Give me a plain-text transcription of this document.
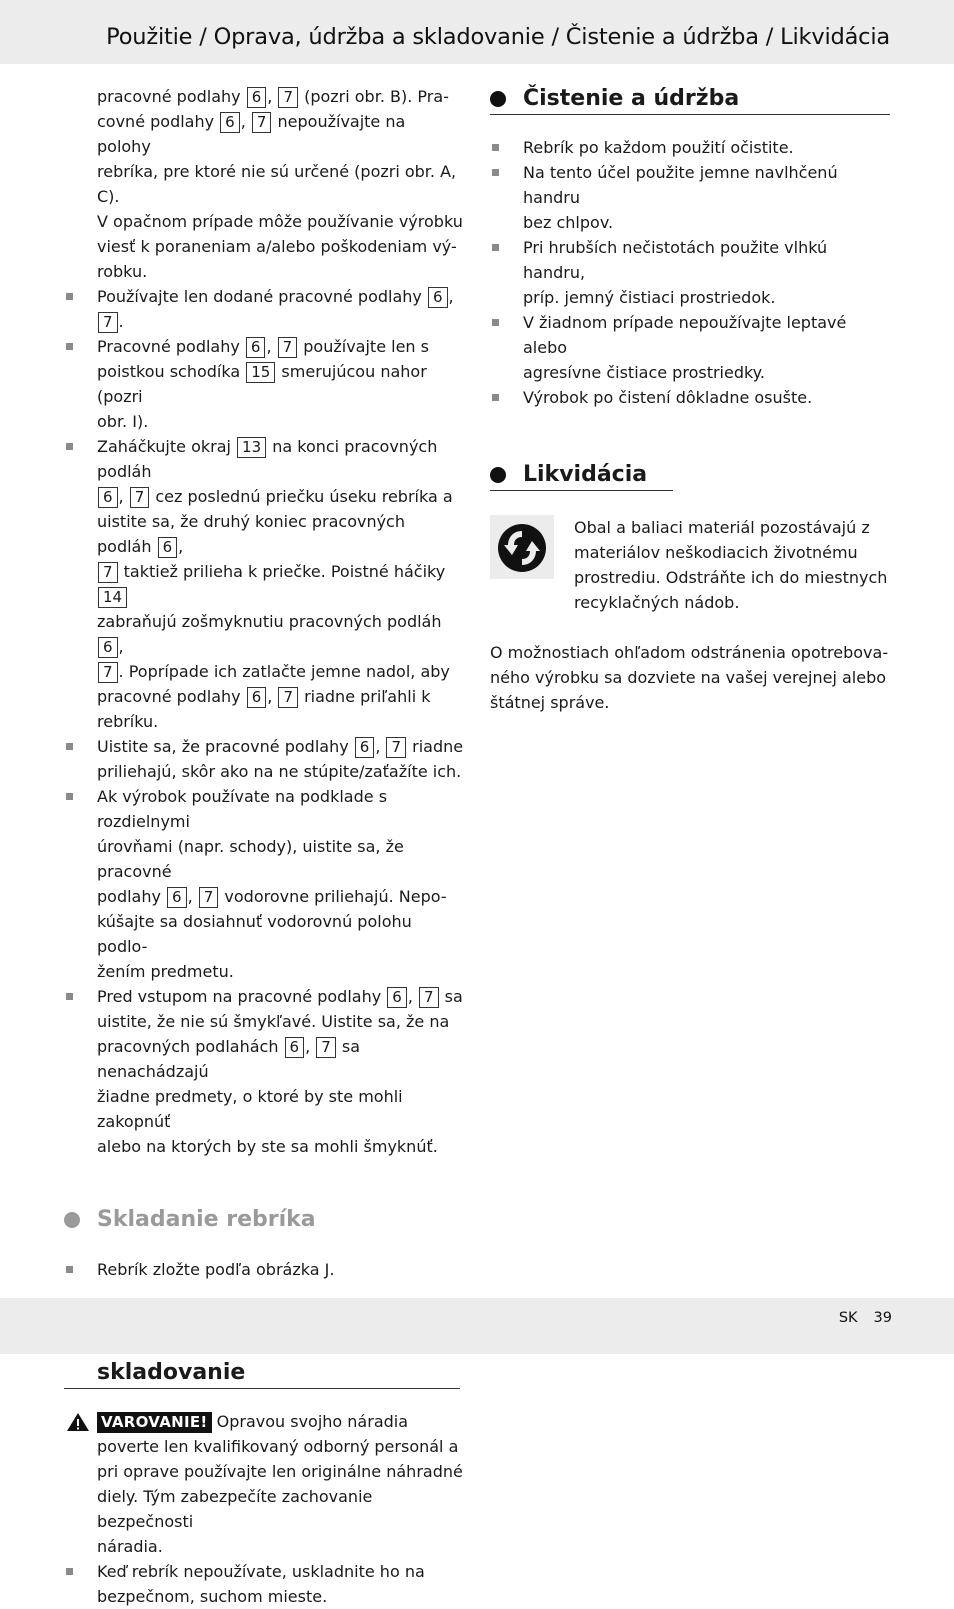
Použitie / Oprava, údržba a skladovanie / Čistenie a údržba / Likvidácia

pracovné podlahy 6 , 7 (pozri obr. B). Pra-
covné podlahy 6 , 7 nepoužívajte na polohy
rebríka, pre ktoré nie sú určené (pozri obr. A, C).
V opačnom prípade môže používanie výrobku
viesť k poraneniam a/alebo poškodeniam vý-
robku.

Používajte len dodané pracovné podlahy 6 , 7 .
Pracovné podlahy 6 , 7 používajte len s
poistkou schodíka 15 smerujúcou nahor (pozri
obr. I).
Zaháčkujte okraj 13 na konci pracovných podláh
6 , 7 cez poslednú priečku úseku rebríka a
uistite sa, že druhý koniec pracovných podláh 6 ,
7 taktiež prilieha k priečke. Poistné háčiky 14
zabraňujú zošmyknutiu pracovných podláh 6 ,
7 . Poprípade ich zatlačte jemne nadol, aby
pracovné podlahy 6 , 7 riadne priľahli k
rebríku.
Uistite sa, že pracovné podlahy 6 , 7 riadne
priliehajú, skôr ako na ne stúpite/zaťažíte ich.
Ak výrobok používate na podklade s rozdielnymi
úrovňami (napr. schody), uistite sa, že pracovné
podlahy 6 , 7 vodorovne priliehajú. Nepo-
kúšajte sa dosiahnuť vodorovnú polohu podlo-
žením predmetu.
Pred vstupom na pracovné podlahy 6 , 7 sa
uistite, že nie sú šmykľavé. Uistite sa, že na
pracovných podlahách 6 , 7 sa nenachádzajú
žiadne predmety, o ktoré by ste mohli zakopnúť
alebo na ktorých by ste sa mohli šmyknúť.
Skladanie rebríka
Rebrík zložte podľa obrázka J.
skladovanie
VAROVANIE! Opravou svojho náradia
poverte len kvalifikovaný odborný personál a
pri oprave používajte len originálne náhradné
diely. Tým zabezpečíte zachovanie bezpečnosti
náradia.
Keď rebrík nepoužívate, uskladnite ho na
bezpečnom, suchom mieste.
Čistenie a údržba
Rebrík po každom použití očistite.
Na tento účel použite jemne navlhčenú handru
bez chlpov.
Pri hrubších nečistotách použite vlhkú handru,
príp. jemný čistiaci prostriedok.
V žiadnom prípade nepoužívajte leptavé alebo
agresívne čistiace prostriedky.
Výrobok po čistení dôkladne osušte.
Likvidácia
Obal a baliaci materiál pozostávajú z
materiálov neškodiacich životnému
prostrediu. Odstráňte ich do miestnych
recyklačných nádob.

O možnostiach ohľadom odstránenia opotrebova-
ného výrobku sa dozviete na vašej verejnej alebo
štátnej správe.

SK 39
